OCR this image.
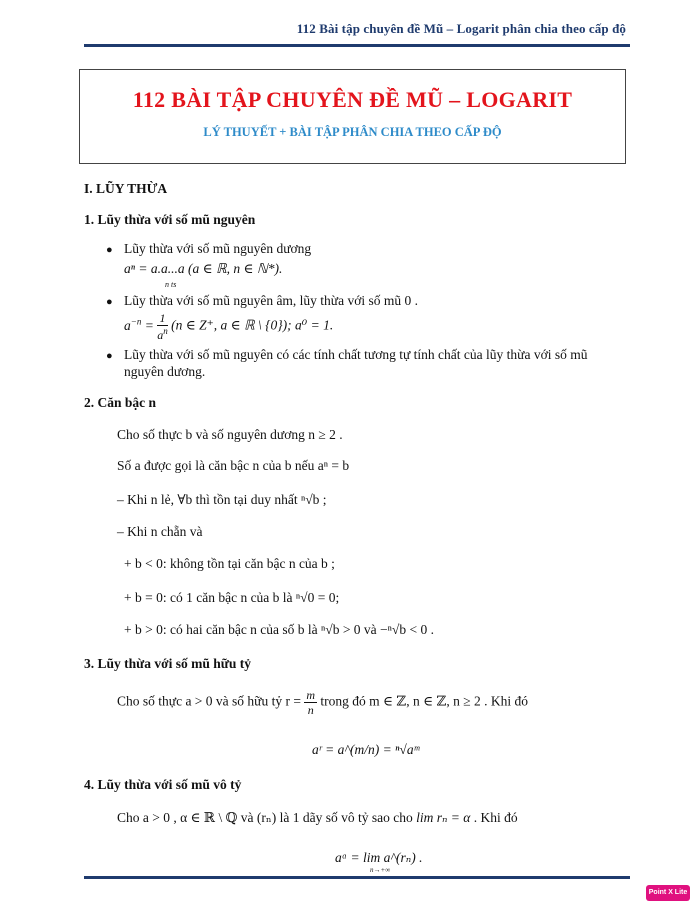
112 Bài tập chuyên đề Mũ – Logarit phân chia theo cấp độ
112 BÀI TẬP CHUYÊN ĐỀ MŨ – LOGARIT
LÝ THUYẾT + BÀI TẬP PHÂN CHIA THEO CẤP ĐỘ
I. LŨY THỪA
1. Lũy thừa với số mũ nguyên
● Lũy thừa với số mũ nguyên dương
aⁿ = a.a...a (a ∈ ℝ, n ∈ ℕ*).
n ts
● Lũy thừa với số mũ nguyên âm, lũy thừa với số mũ 0 .
$a^{-n} = \frac{1}{a^n} (n$ ∈ Z⁺, a ∈ ℝ \ {0}); a⁰ = 1.
● Lũy thừa với số mũ nguyên có các tính chất tương tự tính chất của lũy thừa với số mũ
nguyên dương.
2. Căn bậc n
Cho số thực b và số nguyên dương n ≥ 2 .
Số a được gọi là căn bậc n của b nếu aⁿ = b
– Khi n lẻ, ∀b thì tồn tại duy nhất ⁿ√b ;
– Khi n chẵn và
+ b < 0: không tồn tại căn bậc n của b ;
+ b = 0: có 1 căn bậc n của b là ⁿ√0 = 0;
+ b > 0: có hai căn bậc n của số b là ⁿ√b > 0 và −ⁿ√b < 0 .
3. Lũy thừa với số mũ hữu tỷ
Cho số thực a > 0 và số hữu tỷ $r = \frac{m}{n}$ trong đó m ∈ ℤ, n ∈ ℤ, n ≥ 2 . Khi đó
aʳ = a^(m/n) = ⁿ√aᵐ
4. Lũy thừa với số mũ vô tỷ
Cho a > 0 , α ∈ ℝ \ ℚ và (rₙ) là 1 dãy số vô tỷ sao cho lim rₙ = α . Khi đó
aᵅ = lim a^(rₙ) .
n→+∞
Point X Lite
